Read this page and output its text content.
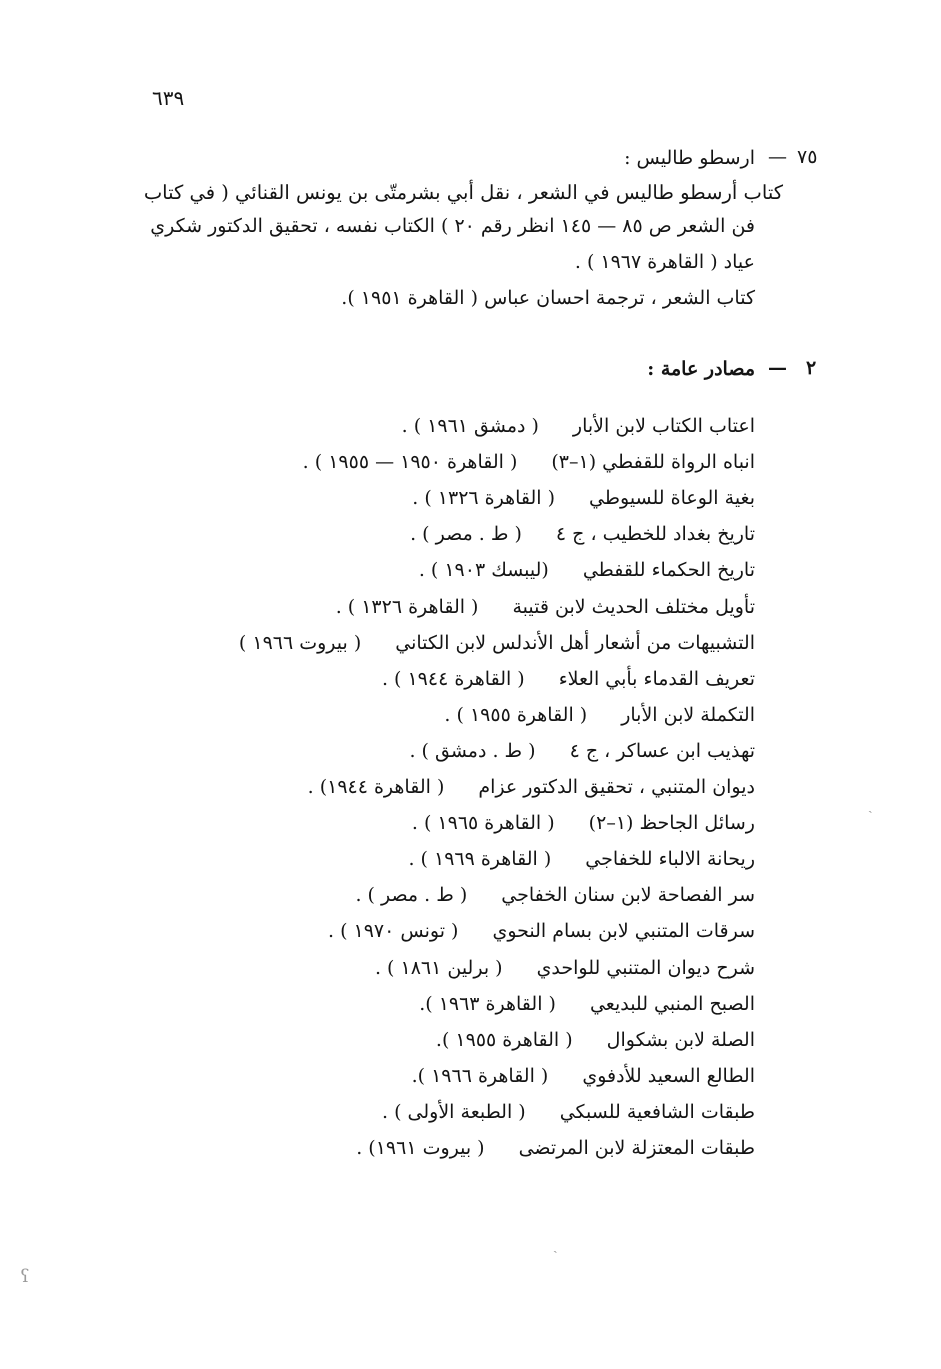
٦٣٩
٧٥
—
ارسطو طاليس :
كتاب أرسطو طاليس في الشعر ، نقل أبي بشرمتّى بن يونس القنائي ( في كتاب
فن الشعر ص ٨٥ — ١٤٥ انظر رقم ٢٠ ) الكتاب نفسه ، تحقيق الدكتور شكري
عياد ( القاهرة ١٩٦٧ ) .
كتاب الشعر ، ترجمة احسان عباس ( القاهرة ١٩٥١ ).
٢
—
مصادر عامة :
اعتاب الكتاب لابن الأبار( دمشق ١٩٦١ ) .
انباه الرواة للقفطي (١–٣)( القاهرة ١٩٥٠ — ١٩٥٥ ) .
بغية الوعاة للسيوطي( القاهرة ١٣٢٦ ) .
تاريخ بغداد للخطيب ، ج ٤( ط . مصر ) .
تاريخ الحكماء للقفطي(ليبسك ١٩٠٣ ) .
تأويل مختلف الحديث لابن قتيبة( القاهرة ١٣٢٦ ) .
التشبيهات من أشعار أهل الأندلس لابن الكتاني( بيروت ١٩٦٦ )
تعريف القدماء بأبي العلاء( القاهرة ١٩٤٤ ) .
التكملة لابن الأبار( القاهرة ١٩٥٥ ) .
تهذيب ابن عساكر ، ج ٤( ط . دمشق ) .
ديوان المتنبي ، تحقيق الدكتور عزام( القاهرة ١٩٤٤) .
رسائل الجاحظ (١–٢)( القاهرة ١٩٦٥ ) .
ريحانة الالباء للخفاجي( القاهرة ١٩٦٩ ) .
سر الفصاحة لابن سنان الخفاجي( ط . مصر ) .
سرقات المتنبي لابن بسام النحوي( تونس ١٩٧٠ ) .
شرح ديوان المتنبي للواحدي( برلين ١٨٦١ ) .
الصبح المنبي للبديعي( القاهرة ١٩٦٣ ).
الصلة لابن بشكوال( القاهرة ١٩٥٥ ).
الطالع السعيد للأدفوي( القاهرة ١٩٦٦ ).
طبقات الشافعية للسبكي( الطبعة الأولى ) .
طبقات المعتزلة لابن المرتضى( بيروت ١٩٦١) .
ˎ
ʕ
ˏ
